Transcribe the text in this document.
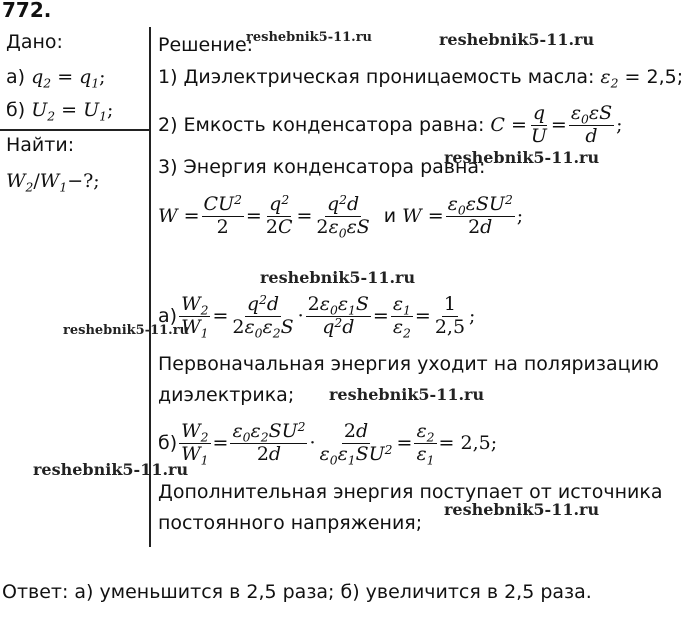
772.
Дано:
а) $q_2 = q_1$;
б) $U_2 = U_1$;
Найти:
$W_2/W_1-$?;
Решение:
1) Диэлектрическая проницаемость масла: $\varepsilon_2 = 2,5$;
2) Емкость конденсатора равна: $C = \frac{q}{U} = \frac{\varepsilon_0\varepsilon S}{d}$ ;
3) Энергия конденсатора равна:
$W = \frac{CU^2}{2} = \frac{q^2}{2C} = \frac{q^2d}{2\varepsilon_0\varepsilon S}$ и $W = \frac{\varepsilon_0\varepsilon SU^2}{2d}$ ;
$а) \frac{W_2}{W_1} = \frac{q^2d}{2\varepsilon_0\varepsilon_2S} \cdot \frac{2\varepsilon_0\varepsilon_1S}{q^2d} = \frac{\varepsilon_1}{\varepsilon_2} = \frac{1}{2,5}$ ;
Первоначальная энергия уходит на поляризацию
диэлектрика;
$б) \frac{W_2}{W_1} = \frac{\varepsilon_0\varepsilon_2SU^2}{2d} \cdot \frac{2d}{\varepsilon_0\varepsilon_1SU^2} = \frac{\varepsilon_2}{\varepsilon_1} = 2,5$;
Дополнительная энергия поступает от источника
постоянного напряжения;
Ответ: а) уменьшится в 2,5 раза; б) увеличится в 2,5 раза.
reshebnik5-11.ru	reshebnik5-11.ru
reshebnik5-11.ru
reshebnik5-11.ru
reshebnik5-11.ru
reshebnik5-11.ru
reshebnik5-11.ru
reshebnik5-11.ru
